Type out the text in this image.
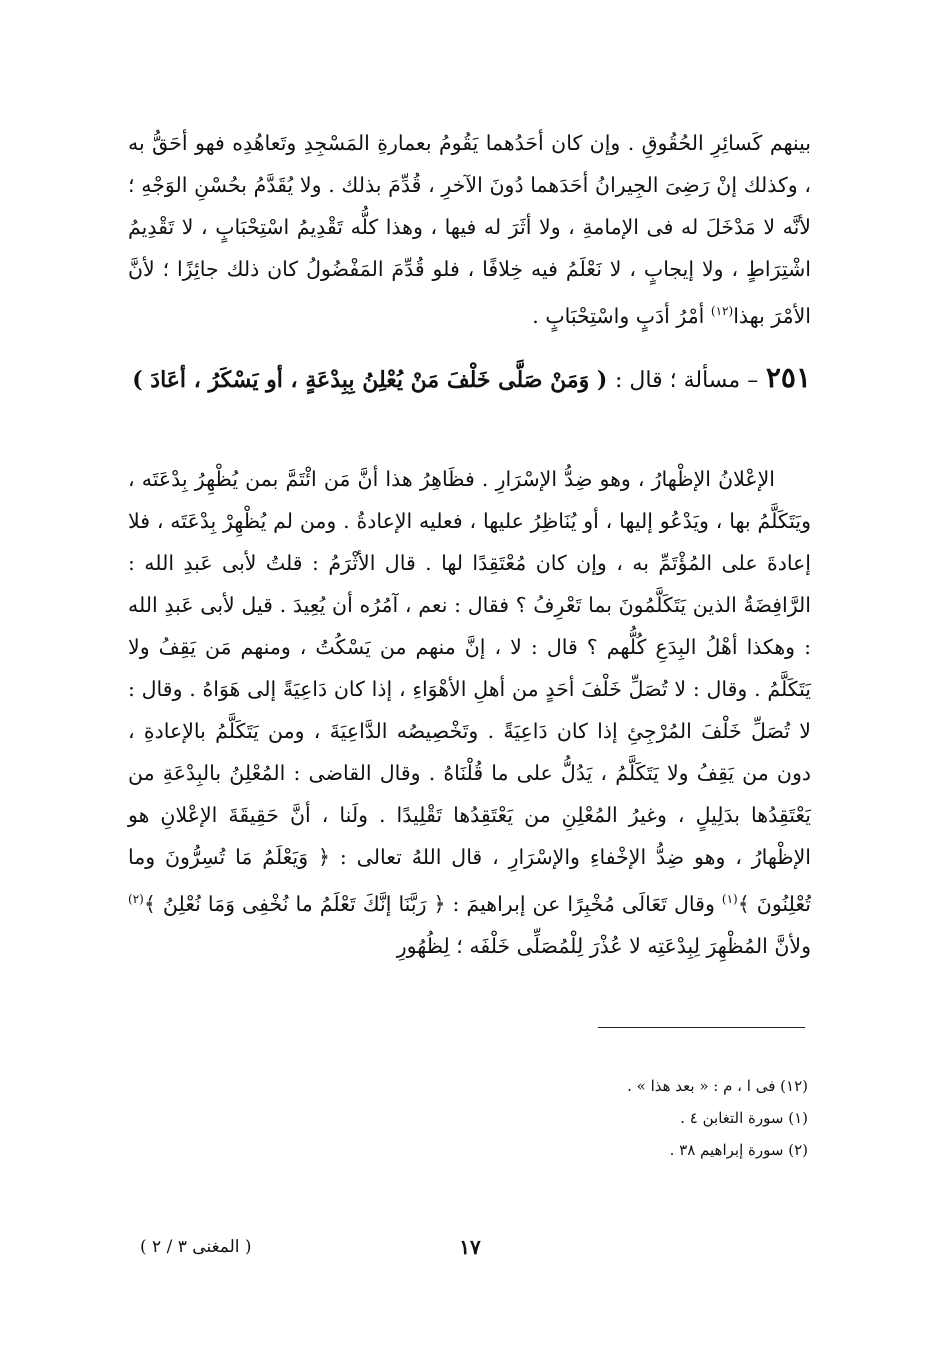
بينهم كَسائِرِ الحُقُوقِ . وإن كان أحَدُهما يَقُومُ بعمارةِ المَسْجِدِ وتَعاهُدِه فهو أحَقُّ به ، وكذلك إنْ رَضِىَ الجِيرانُ أحَدَهما دُونَ الآخرِ ، قُدِّمَ بذلك . ولا يُقَدَّمُ بحُسْنِ الوَجْهِ ؛ لأنَّه لا مَدْخَلَ له فى الإمامةِ ، ولا أثَرَ له فيها ، وهذا كلُّه تَقْدِيمُ اسْتِحْبَابٍ ، لا تَقْدِيمُ اشْتِرَاطٍ ، ولا إيجابٍ ، لا نَعْلَمُ فيه خِلافًا ، فلو قُدِّمَ المَفْضُولُ كان ذلك جائِزًا ؛ لأنَّ الأمْرَ بهذا$^{(١٢)}$ أمْرُ أدَبٍ واسْتِحْبَابٍ .

٢٥١ – مسألة ؛ قال : ( وَمَنْ صَلَّى خَلْفَ مَنْ يُعْلِنُ بِبِدْعَةٍ ، أو يَسْكَرُ ، أعَادَ )

الإعْلانُ الإظْهارُ ، وهو ضِدُّ الإسْرَارِ . فظَاهِرُ هذا أنَّ مَن ائْتَمَّ بمن يُظْهِرُ بِدْعَتَه ، ويَتَكَلَّمُ بها ، ويَدْعُو إليها ، أو يُنَاظِرُ عليها ، فعليه الإعادةُ . ومن لم يُظْهِرْ بِدْعَتَه ، فلا إعادةَ على المُؤْتَمِّ به ، وإن كان مُعْتَقِدًا لها . قال الأثْرَمُ : قلتُ لأبى عَبدِ الله : الرَّافِضَةُ الذين يَتَكَلَّمُونَ بما تَعْرِفُ ؟ فقال : نعم ، آمُرُه أن يُعِيدَ . قيل لأبى عَبدِ الله : وهكذا أهْلُ البِدَعِ كُلُّهم ؟ قال : لا ، إنَّ منهم من يَسْكُتُ ، ومنهم مَن يَقِفُ ولا يَتَكَلَّمُ . وقال : لا تُصَلِّ خَلْفَ أحَدٍ من أهلِ الأهْوَاءِ ، إذا كان دَاعِيَةً إلى هَوَاهُ . وقال : لا تُصَلِّ خَلْفَ المُرْجِئِ إذا كان دَاعِيَةً . وتَخْصِيصُه الدَّاعِيَةَ ، ومن يَتَكَلَّمُ بالإعادةِ ، دون من يَقِفُ ولا يَتَكَلَّمُ ، يَدُلُّ على ما قُلْنَاهُ . وقال القاضى : المُعْلِنُ بالبِدْعَةِ من يَعْتَقِدُها بدَلِيلٍ ، وغيرُ المُعْلِنِ من يَعْتَقِدُها تَقْلِيدًا . ولَنا ، أنَّ حَقِيقَةَ الإعْلانِ هو الإظْهارُ ، وهو ضِدُّ الإخْفاءِ والإسْرَارِ ، قال اللهُ تعالى : ﴿ وَيَعْلَمُ مَا تُسِرُّونَ وما تُعْلِنُونَ ﴾$^{(١)}$ وقال تَعَالَى مُخْبِرًا عن إبراهيمَ : ﴿ رَبَّنَا إنَّكَ تَعْلَمُ ما نُخْفِى وَمَا نُعْلِنُ ﴾$^{(٢)}$ ولأنَّ المُظْهِرَ لِبِدْعَتِه لا عُذْرَ لِلْمُصَلِّى خَلْفَه ؛ لِظُهُورِ

(١٢) فى ا ، م : « بعد هذا » .
(١) سورة التغابن ٤ .
(٢) سورة إبراهيم ٣٨ .
١٧
( المغنى ٣ / ٢ )
